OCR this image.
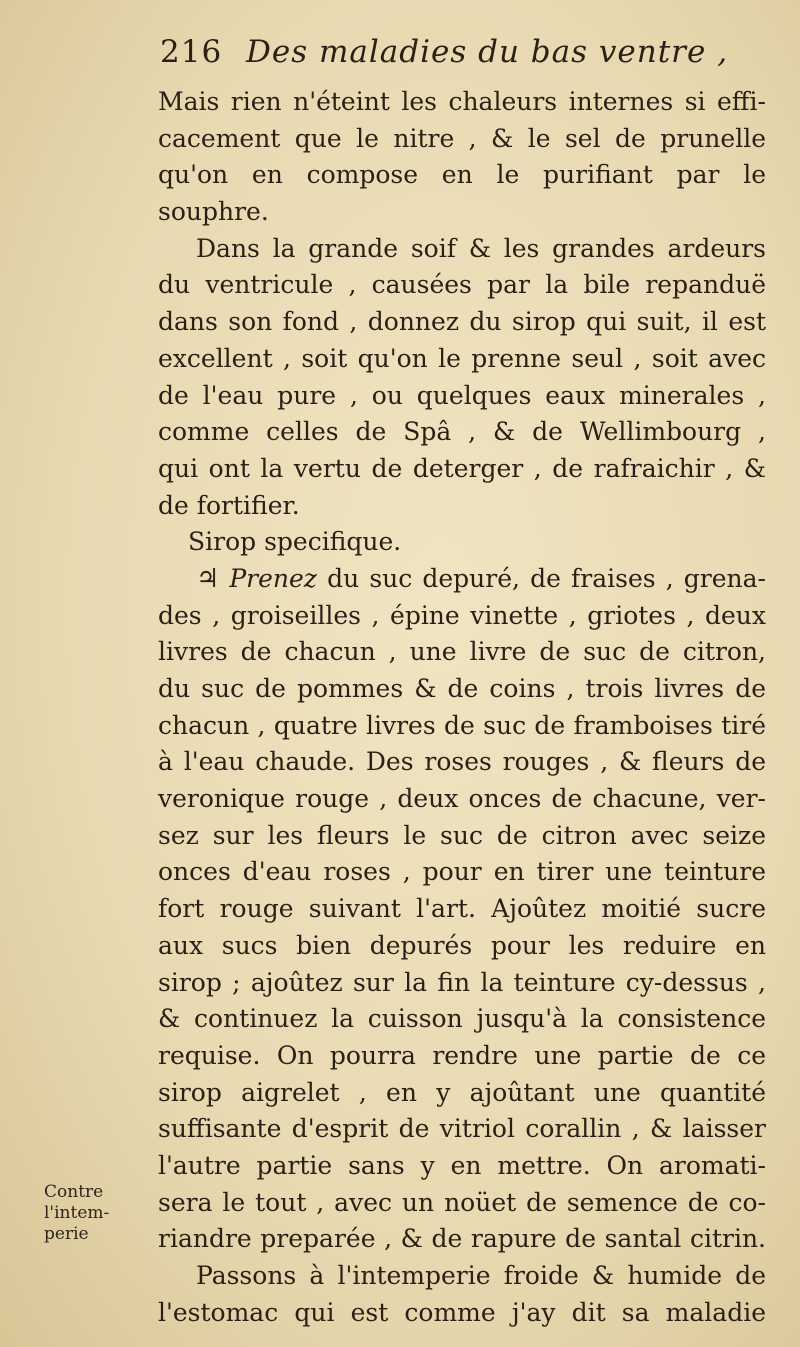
216 Des maladies du bas ventre ,
Mais rien n'éteint les chaleurs internes si effi-
cacement que le nitre , & le sel de prunelle
qu'on en compose en le purifiant par le
souphre.
Dans la grande soif & les grandes ardeurs
du ventricule , causées par la bile repanduë
dans son fond , donnez du sirop qui suit, il est
excellent , soit qu'on le prenne seul , soit avec
de l'eau pure , ou quelques eaux minerales ,
comme celles de Spâ , & de Wellimbourg ,
qui ont la vertu de deterger , de rafraichir , &
de fortifier.
Sirop specifique.
♃ Prenez du suc depuré, de fraises , grena-
des , groiseilles , épine vinette , griotes , deux
livres de chacun , une livre de suc de citron,
du suc de pommes & de coins , trois livres de
chacun , quatre livres de suc de framboises tiré
à l'eau chaude. Des roses rouges , & fleurs de
veronique rouge , deux onces de chacune, ver-
sez sur les fleurs le suc de citron avec seize
onces d'eau roses , pour en tirer une teinture
fort rouge suivant l'art. Ajoûtez moitié sucre
aux sucs bien depurés pour les reduire en
sirop ; ajoûtez sur la fin la teinture cy-dessus ,
& continuez la cuisson jusqu'à la consistence
requise. On pourra rendre une partie de ce
sirop aigrelet , en y ajoûtant une quantité
suffisante d'esprit de vitriol corallin , & laisser
l'autre partie sans y en mettre. On aromati-
sera le tout , avec un noüet de semence de co-
riandre preparée , & de rapure de santal citrin.
Passons à l'intemperie froide & humide de
l'estomac qui est comme j'ay dit sa maladie
Contre
l'intem-
perie
